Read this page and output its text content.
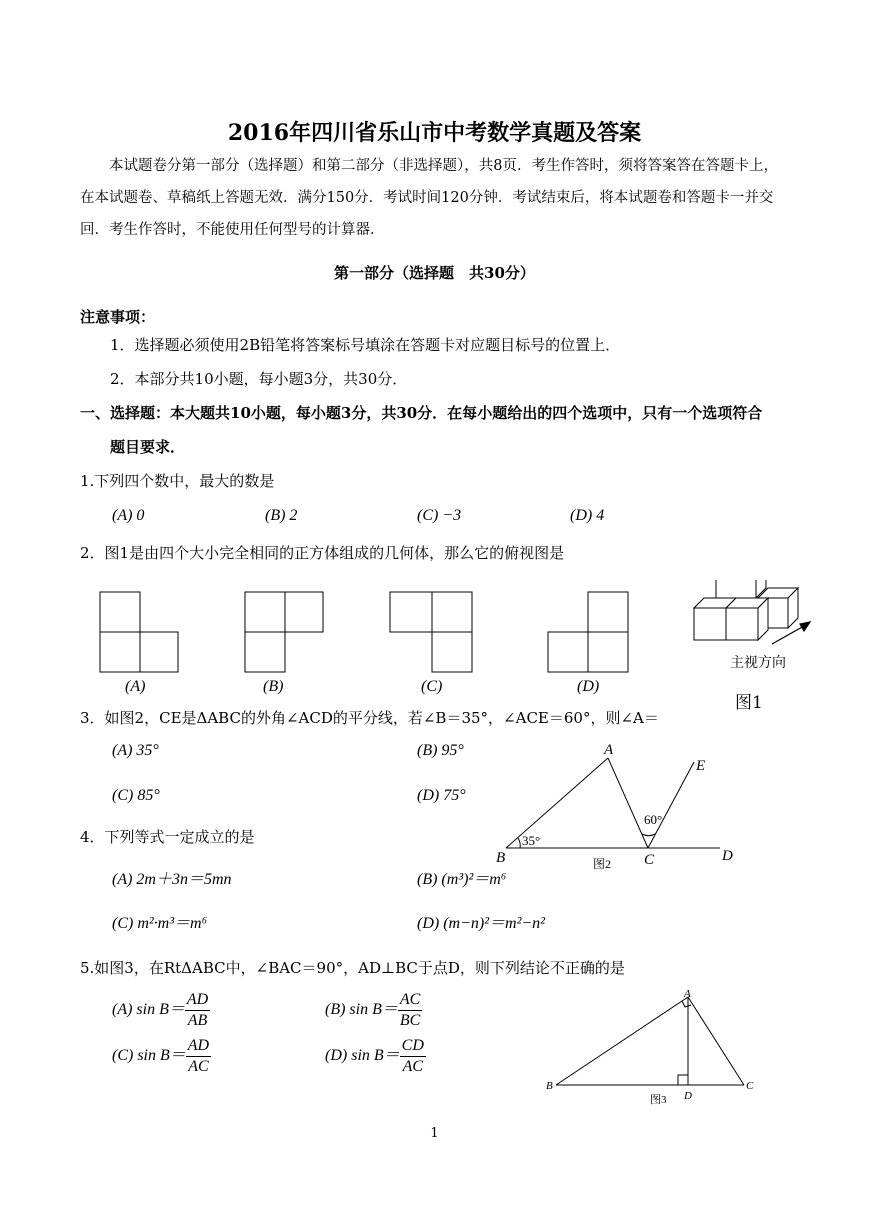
2016年四川省乐山市中考数学真题及答案
本试题卷分第一部分（选择题）和第二部分（非选择题），共8页．考生作答时，须将答案答在答题卡上，在本试题卷、草稿纸上答题无效．满分150分．考试时间120分钟．考试结束后，将本试题卷和答题卡一并交回．考生作答时，不能使用任何型号的计算器．
第一部分（选择题　共30分）
注意事项：
1．选择题必须使用2B铅笔将答案标号填涂在答题卡对应题目标号的位置上．
2．本部分共10小题，每小题3分，共30分．
一、选择题：本大题共10小题，每小题3分，共30分．在每小题给出的四个选项中，只有一个选项符合
题目要求．
1.下列四个数中，最大的数是
(A) 0	(B) 2	(C) −3	(D) 4
2．图1是由四个大小完全相同的正方体组成的几何体，那么它的俯视图是
(A)	(B)	(C)	(D)
主视方向
图1
3．如图2，CE是ΔABC的外角∠ACD的平分线，若∠B＝35°，∠ACE＝60°，则∠A＝
(A) 35°	(B) 95°
(C) 85°	(D) 75°
A
B	C	D
E
35°
60°
图2
4．下列等式一定成立的是
(A) 2m＋3n＝5mn	(B) (m³)²＝m⁶
(C) m²·m³＝m⁶	(D) (m−n)²＝m²−n²
5.如图3，在RtΔABC中，∠BAC＝90°，AD⊥BC于点D，则下列结论不正确的是
(A) $\sin B= \frac{AD}{AB}$	(B) $\sin B= \frac{AC}{BC}$
(C) $\sin B= \frac{AD}{AC}$	(D) $\sin B= \frac{CD}{AC}$
A
B	C
D
图3
1
